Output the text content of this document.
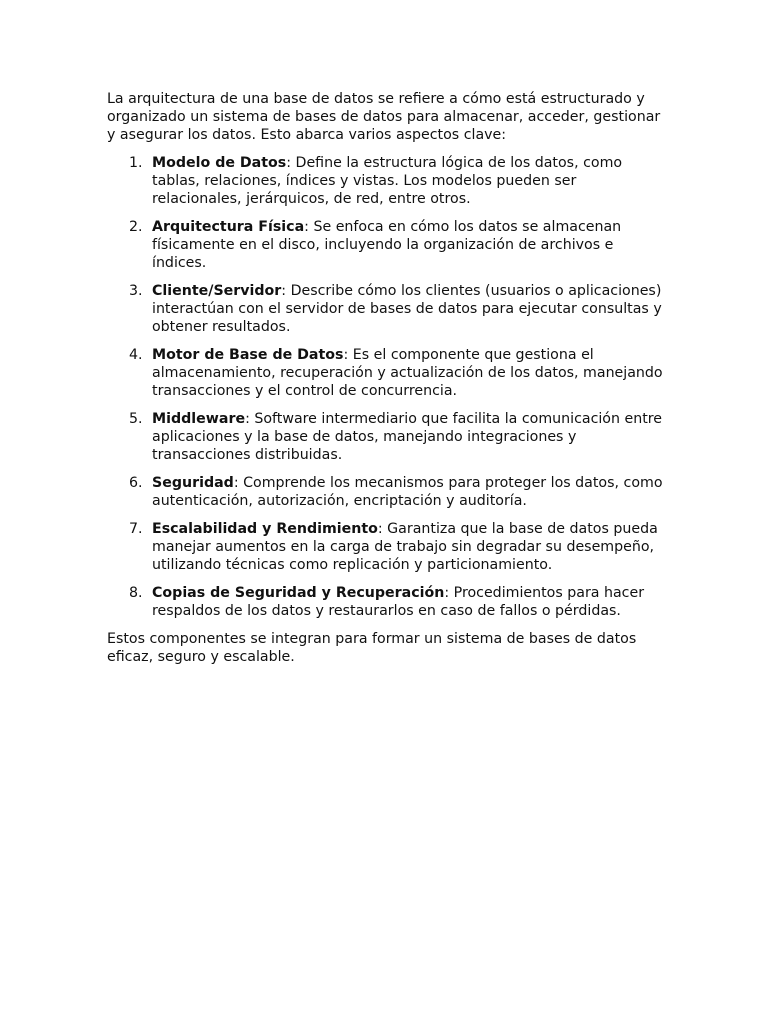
La arquitectura de una base de datos se refiere a cómo está estructurado y organizado un sistema de bases de datos para almacenar, acceder, gestionar y asegurar los datos. Esto abarca varios aspectos clave:

1. Modelo de Datos: Define la estructura lógica de los datos, como tablas, relaciones, índices y vistas. Los modelos pueden ser relacionales, jerárquicos, de red, entre otros.
2. Arquitectura Física: Se enfoca en cómo los datos se almacenan físicamente en el disco, incluyendo la organización de archivos e índices.
3. Cliente/Servidor: Describe cómo los clientes (usuarios o aplicaciones) interactúan con el servidor de bases de datos para ejecutar consultas y obtener resultados.
4. Motor de Base de Datos: Es el componente que gestiona el almacenamiento, recuperación y actualización de los datos, manejando transacciones y el control de concurrencia.
5. Middleware: Software intermediario que facilita la comunicación entre aplicaciones y la base de datos, manejando integraciones y transacciones distribuidas.
6. Seguridad: Comprende los mecanismos para proteger los datos, como autenticación, autorización, encriptación y auditoría.
7. Escalabilidad y Rendimiento: Garantiza que la base de datos pueda manejar aumentos en la carga de trabajo sin degradar su desempeño, utilizando técnicas como replicación y particionamiento.
8. Copias de Seguridad y Recuperación: Procedimientos para hacer respaldos de los datos y restaurarlos en caso de fallos o pérdidas.

Estos componentes se integran para formar un sistema de bases de datos eficaz, seguro y escalable.
